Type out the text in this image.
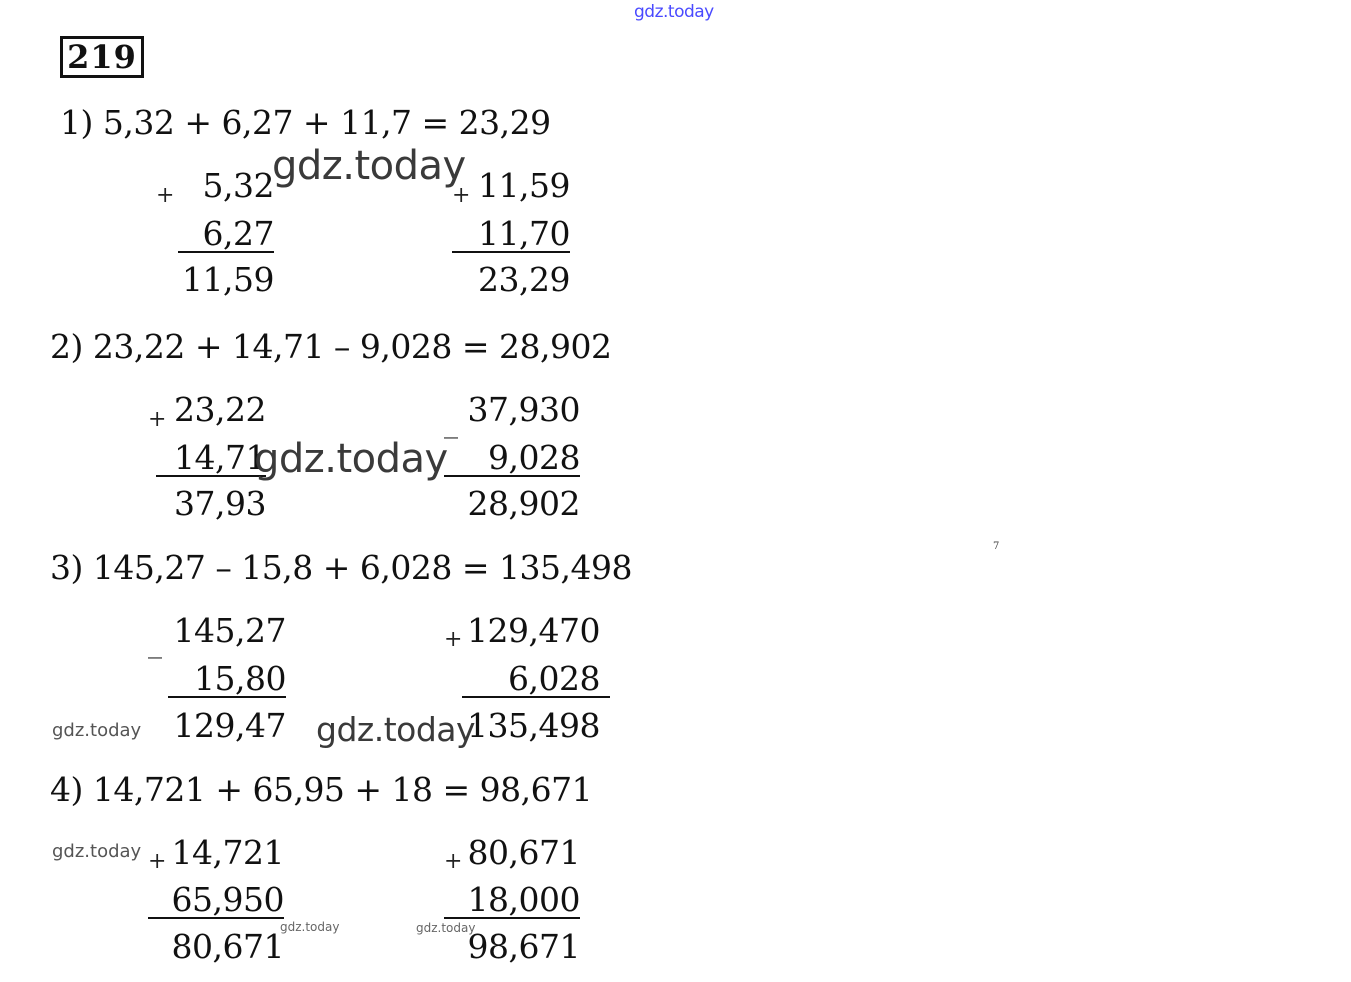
gdz.today
219
1) 5,32 + 6,27 + 11,7 = 23,29
+ 5,32
6,27
11,59
+ 11,59
11,70
23,29
gdz.today
2) 23,22 + 14,71 – 9,028 = 28,902
+ 23,22
14,71
37,93
_ 37,930
9,028
28,902
gdz.today
3) 145,27 – 15,8 + 6,028 = 135,498
_ 145,27
15,80
129,47
+ 129,470
6,028
135,498
gdz.today	gdz.today
7
4) 14,721 + 65,95 + 18 = 98,671
+ 14,721
65,950
80,671
+ 80,671
18,000
98,671
gdz.today
gdz.today	gdz.today
